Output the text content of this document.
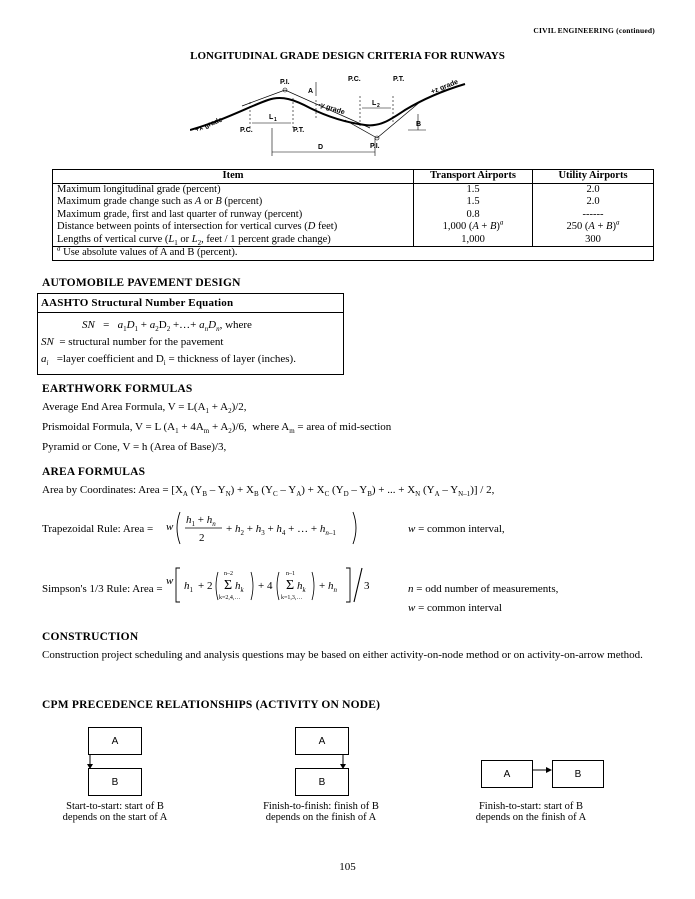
CIVIL ENGINEERING (continued)
LONGITUDINAL GRADE DESIGN CRITERIA FOR RUNWAYS
P.I.
P.C.	P.T.
L 1
A
+x grade
-y grade
P.C.	P.T.
L 2
P.I.
+z grade
B
D
Item	Transport Airports	Utility Airports
Maximum longitudinal grade (percent)	1.5	2.0
Maximum grade change such as A or B (percent)	1.5	2.0
Maximum grade, first and last quarter of runway (percent)	0.8	------
Distance between points of intersection for vertical curves (D feet)	1,000 $(A + B)^a$	250 $(A + B)^a$
Lengths of vertical curve ($L_1$ or $L_2$, feet / 1 percent grade change)	1,000	300
$^a$ Use absolute values of A and B (percent).		
AUTOMOBILE PAVEMENT DESIGN
AASHTO Structural Number Equation
SN   =   $a_1D_1 + a_2D_2$ +…+ $a_nD_n$, where
SN = structural number for the pavement
$a_i$   =layer coefficient and $D_i$ = thickness of layer (inches).
EARTHWORK FORMULAS
Average End Area Formula, $V = L(A_1 + A_2)/2$,
Prismoidal Formula, V = L $(A_1 + 4A_m + A_2)/6$,  where $A_m$ = area of mid-section
Pyramid or Cone, V = h (Area of Base)/3,
AREA FORMULAS
Area by Coordinates: Area = [$X_A$ $(Y_B - Y_N) + X_B$ $(Y_C - Y_A) + X_C$ $(Y_D - Y_B)$ + ... + $X_N$ $(Y_A - Y_{N-1})] / 2$,
Trapezoidal Rule: Area = w
$h_1 + h_n$
2
+ $h_2 + h_3 + h_4$ + … + $h_n-1$	w = common interval,
Simpson's 1/3 Rule: Area =
w $h_1 + 2$
n–2
Σ $h_k$
k=2,4,…
+ 4
n–1
Σ $h_k$
k=1,3,…
+ $h_n$ 3	n = odd number of measurements,
w = common interval
CONSTRUCTION
Construction project scheduling and analysis questions may be based on either activity-on-node method or on activity-on-arrow method.
CPM PRECEDENCE RELATIONSHIPS (ACTIVITY ON NODE)
A
B
Start-to-start: start of B
depends on the start of A
A
B
Finish-to-finish: finish of B
depends on the finish of A
A	B
Finish-to-start: start of B
depends on the finish of A
105
